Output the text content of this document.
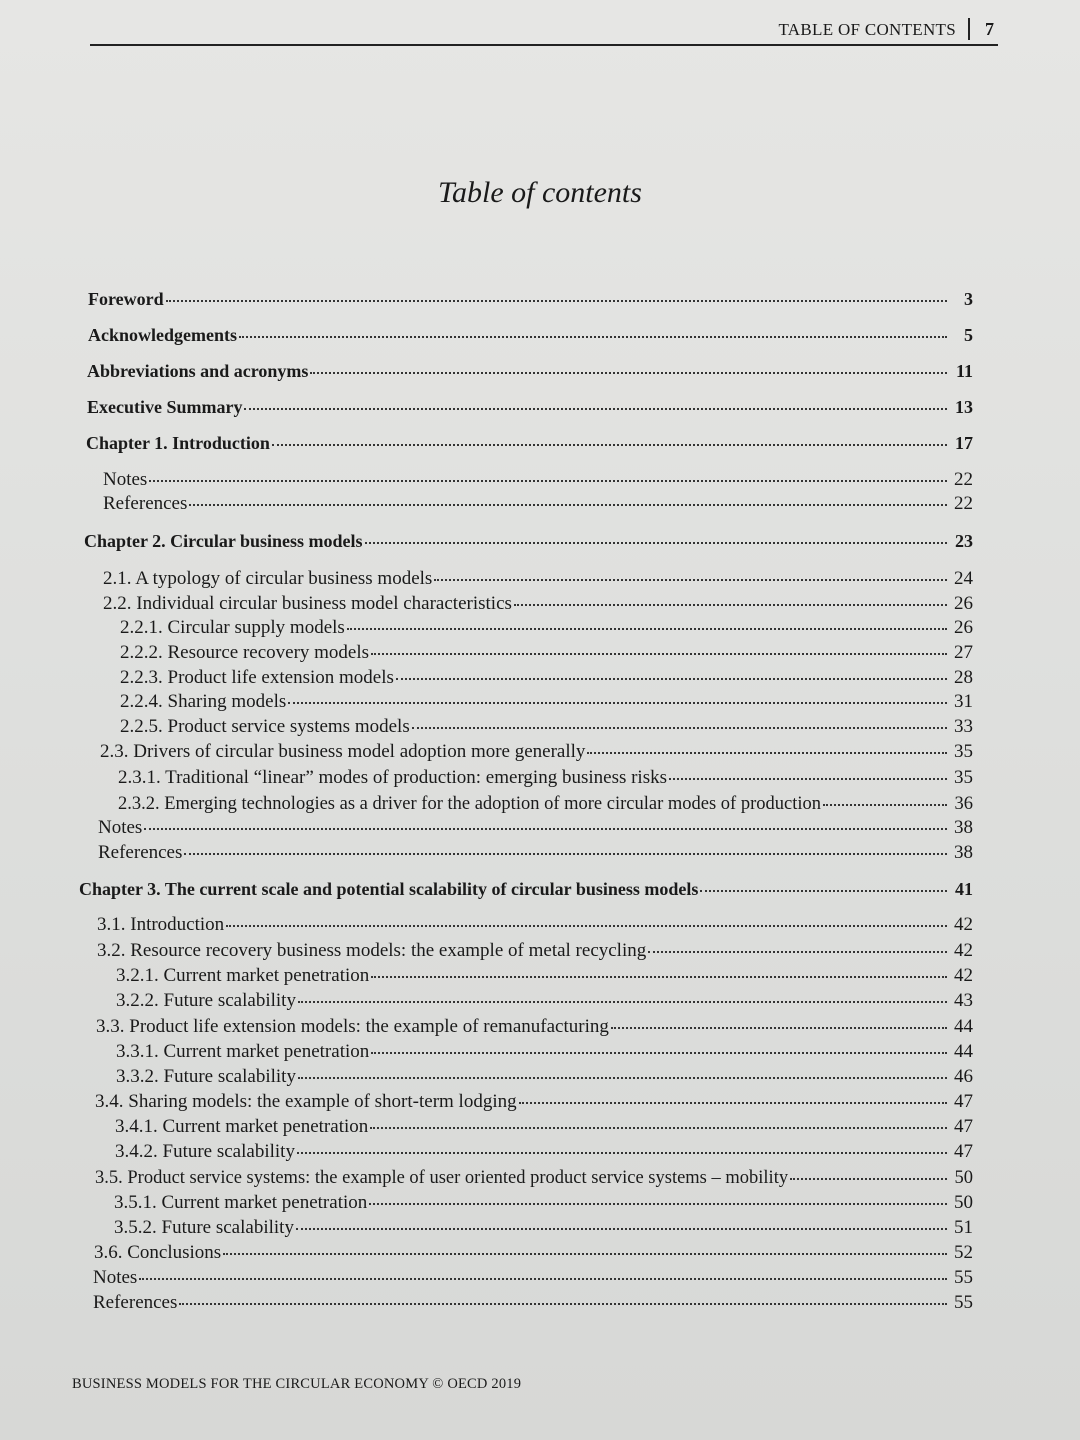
TABLE OF CONTENTS 7
Table of contents
Foreword	3
Acknowledgements	5
Abbreviations and acronyms	11
Executive Summary	13
Chapter 1. Introduction	17
Notes	22
References	22
Chapter 2. Circular business models	23
2.1. A typology of circular business models	24
2.2. Individual circular business model characteristics	26
2.2.1. Circular supply models	26
2.2.2. Resource recovery models	27
2.2.3. Product life extension models	28
2.2.4. Sharing models	31
2.2.5. Product service systems models	33
2.3. Drivers of circular business model adoption more generally	35
2.3.1. Traditional “linear” modes of production: emerging business risks	35
2.3.2. Emerging technologies as a driver for the adoption of more circular modes of production	36
Notes	38
References	38
Chapter 3. The current scale and potential scalability of circular business models	41
3.1. Introduction	42
3.2. Resource recovery business models: the example of metal recycling	42
3.2.1. Current market penetration	42
3.2.2. Future scalability	43
3.3. Product life extension models: the example of remanufacturing	44
3.3.1. Current market penetration	44
3.3.2. Future scalability	46
3.4. Sharing models: the example of short-term lodging	47
3.4.1. Current market penetration	47
3.4.2. Future scalability	47
3.5. Product service systems: the example of user oriented product service systems – mobility	50
3.5.1. Current market penetration	50
3.5.2. Future scalability	51
3.6. Conclusions	52
Notes	55
References	55
BUSINESS MODELS FOR THE CIRCULAR ECONOMY © OECD 2019
